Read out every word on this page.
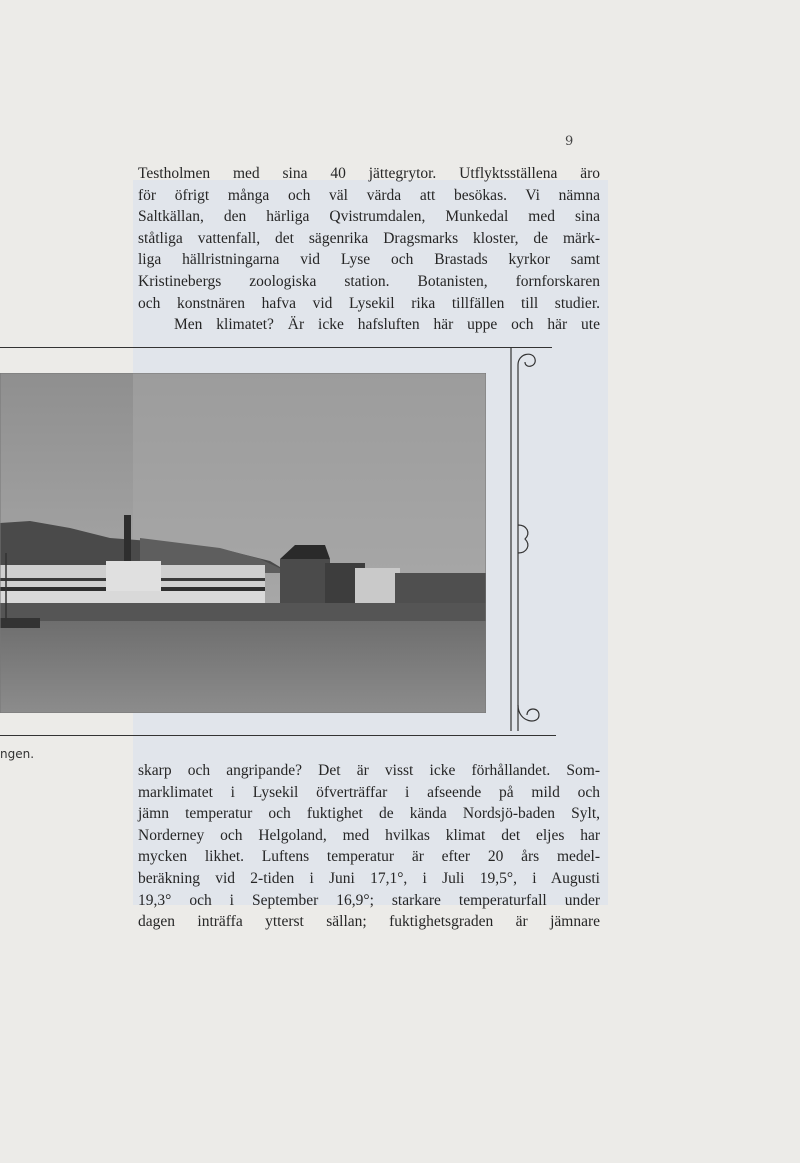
9
Testholmen med sina 40 jättegrytor. Utflyktsställena äro
för öfrigt många och väl värda att besökas. Vi nämna
Saltkällan, den härliga Qvistrumdalen, Munkedal med sina
ståtliga vattenfall, det sägenrika Dragsmarks kloster, de märk-
liga hällristningarna vid Lyse och Brastads kyrkor samt
Kristinebergs zoologiska station. Botanisten, fornforskaren
och konstnären hafva vid Lysekil rika tillfällen till studier.
Men klimatet? Är icke hafsluften här uppe och här ute
ngen.
skarp och angripande? Det är visst icke förhållandet. Som-
marklimatet i Lysekil öfverträffar i afseende på mild och
jämn temperatur och fuktighet de kända Nordsjö-baden Sylt,
Norderney och Helgoland, med hvilkas klimat det eljes har
mycken likhet. Luftens temperatur är efter 20 års medel-
beräkning vid 2-tiden i Juni 17,1°, i Juli 19,5°, i Augusti
19,3° och i September 16,9°; starkare temperaturfall under
dagen inträffa ytterst sällan; fuktighetsgraden är jämnare
